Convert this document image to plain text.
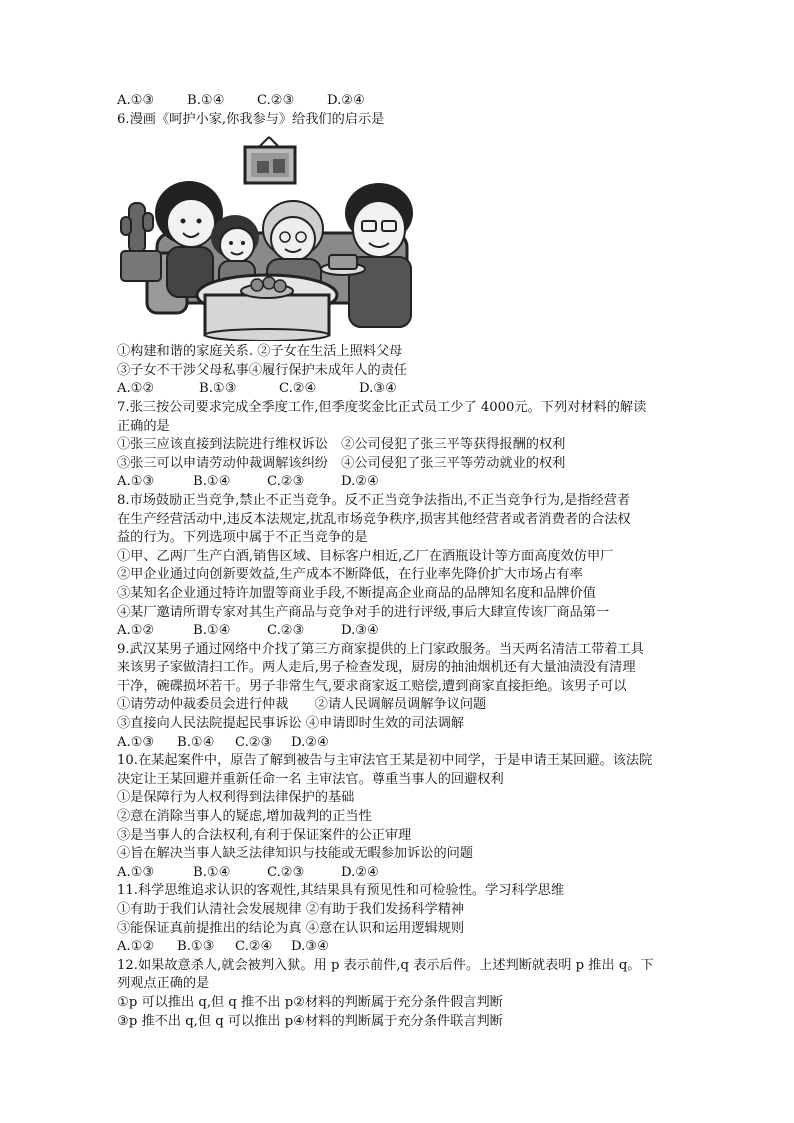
A.①③ B.①④ C.②③ D.②④
6.漫画《呵护小家,你我参与》给我们的启示是
①构建和谐的家庭关系. ②子女在生活上照料父母
③子女不干涉父母私事④履行保护未成年人的责任
A.①②	B.①③	C.②④	D.③④
7.张三按公司要求完成全季度工作,但季度奖金比正式员工少了 4000元。下列对材料的解读
正确的是
①张三应该直接到法院进行维权诉讼　②公司侵犯了张三平等获得报酬的权利
③张三可以申请劳动仲裁调解该纠纷　④公司侵犯了张三平等劳动就业的权利
A.①③	B.①④	C.②③	D.②④
8.市场鼓励正当竞争,禁止不正当竞争。反不正当竞争法指出,不正当竞争行为,是指经营者
在生产经营活动中,违反本法规定,扰乱市场竞争秩序,损害其他经营者或者消费者的合法权
益的行为。下列选项中属于不正当竞争的是
①甲、乙两厂生产白酒,销售区域、目标客户相近,乙厂在酒瓶设计等方面高度效仿甲厂
②甲企业通过向创新要效益,生产成本不断降低，在行业率先降价扩大市场占有率
③某知名企业通过特许加盟等商业手段,不断提高企业商品的品牌知名度和品牌价值
④某厂邀请所谓专家对其生产商品与竞争对手的进行评级,事后大肆宣传该厂商品第一
A.①②	B.①④	C.②③	D.③④
9.武汉某男子通过网络中介找了第三方商家提供的上门家政服务。当天两名清洁工带着工具
来该男子家做清扫工作。两人走后,男子检查发现，厨房的抽油烟机还有大量油渍没有清理
干净，碗碟损坏若干。男子非常生气,要求商家返工赔偿,遭到商家直接拒绝。该男子可以
①请劳动仲裁委员会进行仲裁　　②请人民调解员调解争议问题
③直接向人民法院提起民事诉讼 ④申请即时生效的司法调解
A.①③ B.①④ C.②③ D.②④
10.在某起案件中，原告了解到被告与主审法官王某是初中同学，于是申请王某回避。该法院
决定让王某回避并重新任命一名 主审法官。尊重当事人的回避权利
①是保障行为人权利得到法律保护的基础
②意在消除当事人的疑虑,增加裁判的正当性
③是当事人的合法权利,有利于保证案件的公正审理
④旨在解决当事人缺乏法律知识与技能或无暇参加诉讼的问题
A.①③	B.①④	C.②③	D.②④
11.科学思维追求认识的客观性,其结果具有预见性和可检验性。学习科学思维
①有助于我们认清社会发展规律 ②有助于我们发扬科学精神
③能保证真前提推出的结论为真 ④意在认识和运用逻辑规则
A.①② B.①③ C.②④ D.③④
12.如果故意杀人,就会被判入狱。用 p 表示前件,q 表示后件。上述判断就表明 p 推出 q。下
列观点正确的是
①p 可以推出 q,但 q 推不出 p②材料的判断属于充分条件假言判断
③p 推不出 q,但 q 可以推出 p④材料的判断属于充分条件联言判断
